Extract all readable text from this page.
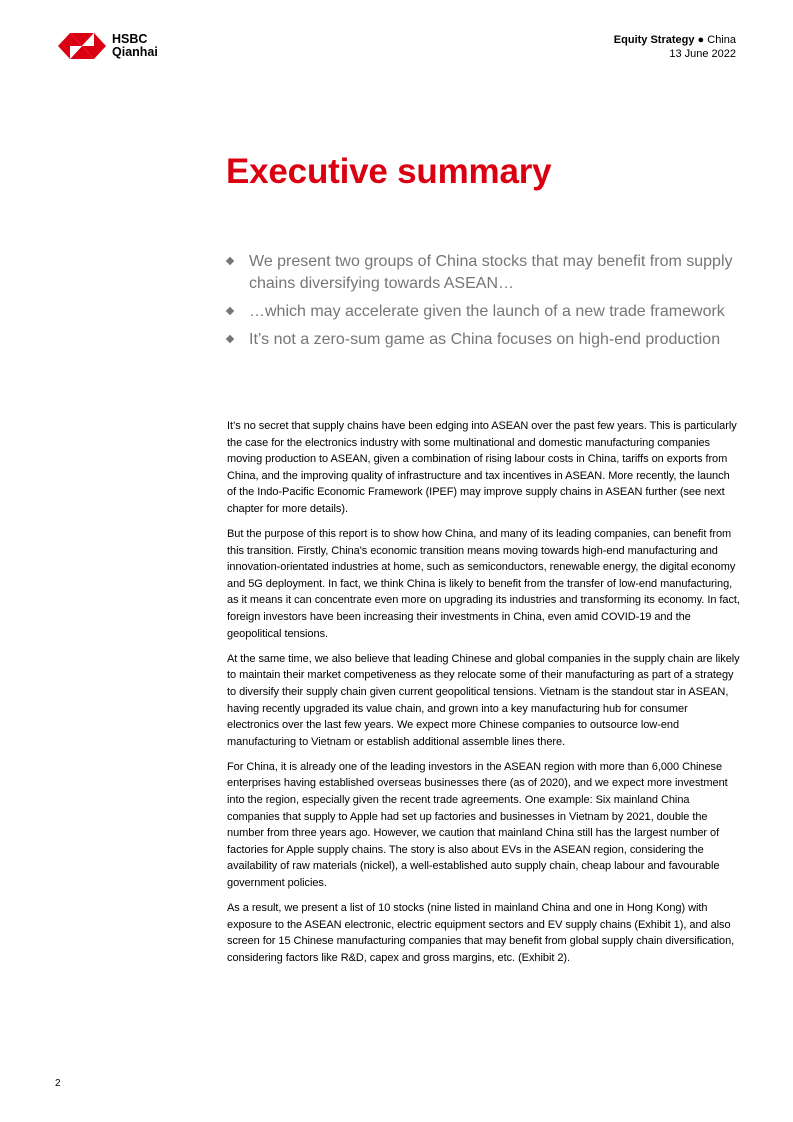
HSBC
Qianhai
Equity Strategy ● China
13 June 2022
Executive summary
We present two groups of China stocks that may benefit from supply chains diversifying towards ASEAN…
…which may accelerate given the launch of a new trade framework
It’s not a zero-sum game as China focuses on high-end production

It’s no secret that supply chains have been edging into ASEAN over the past few years. This is particularly the case for the electronics industry with some multinational and domestic manufacturing companies moving production to ASEAN, given a combination of rising labour costs in China, tariffs on exports from China, and the improving quality of infrastructure and tax incentives in ASEAN. More recently, the launch of the Indo-Pacific Economic Framework (IPEF) may improve supply chains in ASEAN further (see next chapter for more details).

But the purpose of this report is to show how China, and many of its leading companies, can benefit from this transition. Firstly, China's economic transition means moving towards high-end manufacturing and innovation-orientated industries at home, such as semiconductors, renewable energy, the digital economy and 5G deployment. In fact, we think China is likely to benefit from the transfer of low-end manufacturing, as it means it can concentrate even more on upgrading its industries and transforming its economy. In fact, foreign investors have been increasing their investments in China, even amid COVID-19 and the geopolitical tensions.

At the same time, we also believe that leading Chinese and global companies in the supply chain are likely to maintain their market competiveness as they relocate some of their manufacturing as part of a strategy to diversify their supply chain given current geopolitical tensions. Vietnam is the standout star in ASEAN, having recently upgraded its value chain, and grown into a key manufacturing hub for consumer electronics over the last few years. We expect more Chinese companies to outsource low-end manufacturing to Vietnam or establish additional assemble lines there.

For China, it is already one of the leading investors in the ASEAN region with more than 6,000 Chinese enterprises having established overseas businesses there (as of 2020), and we expect more investment into the region, especially given the recent trade agreements. One example: Six mainland China companies that supply to Apple had set up factories and businesses in Vietnam by 2021, double the number from three years ago. However, we caution that mainland China still has the largest number of factories for Apple supply chains. The story is also about EVs in the ASEAN region, considering the availability of raw materials (nickel), a well-established auto supply chain, cheap labour and favourable government policies.

As a result, we present a list of 10 stocks (nine listed in mainland China and one in Hong Kong) with exposure to the ASEAN electronic, electric equipment sectors and EV supply chains (Exhibit 1), and also screen for 15 Chinese manufacturing companies that may benefit from global supply chain diversification, considering factors like R&D, capex and gross margins, etc. (Exhibit 2).

2
